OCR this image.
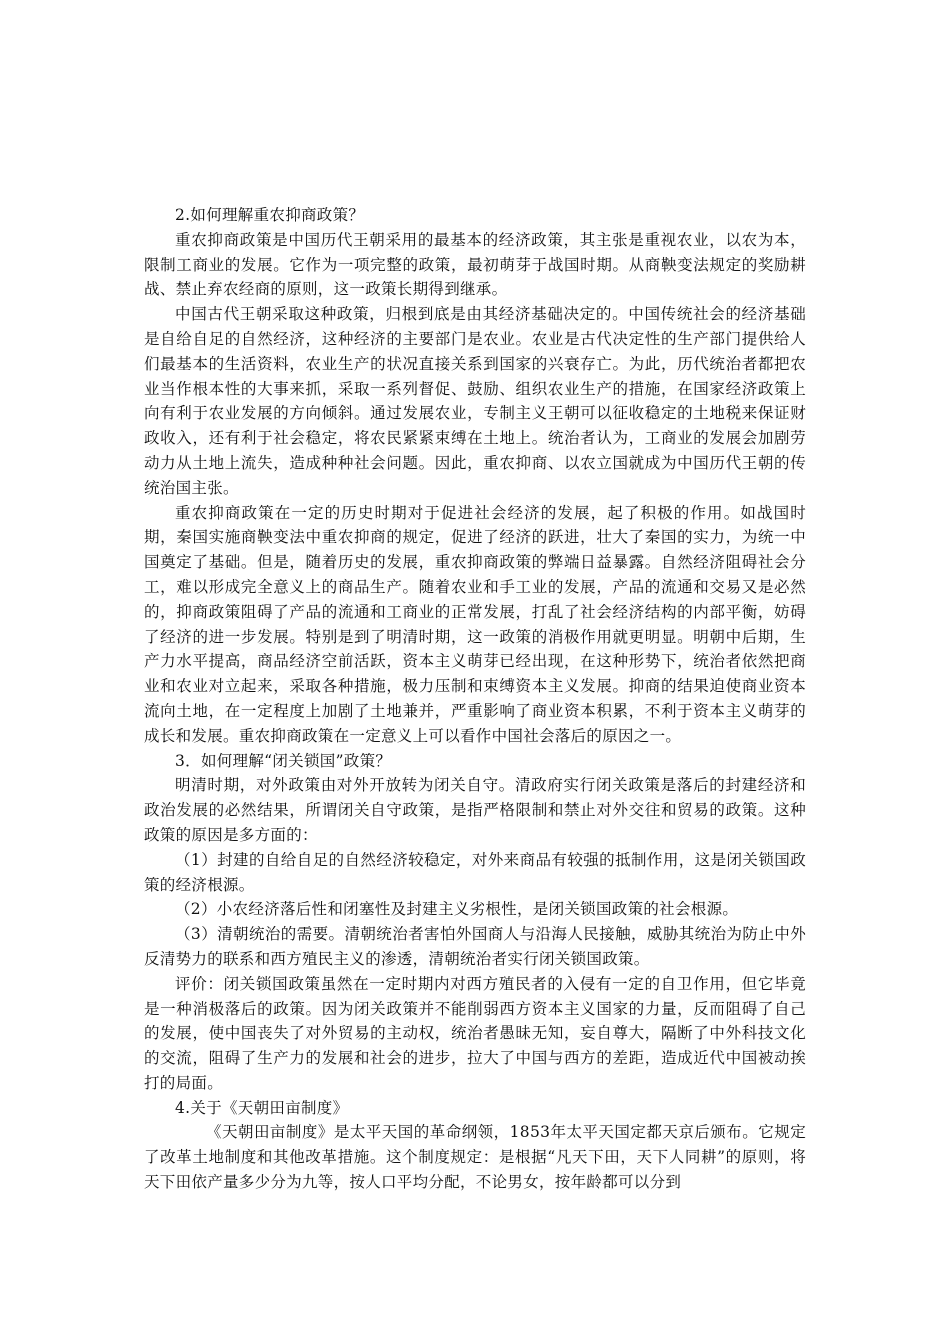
2.如何理解重农抑商政策？

重农抑商政策是中国历代王朝采用的最基本的经济政策，其主张是重视农业，以农为本，限制工商业的发展。它作为一项完整的政策，最初萌芽于战国时期。从商鞅变法规定的奖励耕战、禁止弃农经商的原则，这一政策长期得到继承。

中国古代王朝采取这种政策，归根到底是由其经济基础决定的。中国传统社会的经济基础是自给自足的自然经济，这种经济的主要部门是农业。农业是古代决定性的生产部门提供给人们最基本的生活资料，农业生产的状况直接关系到国家的兴衰存亡。为此，历代统治者都把农业当作根本性的大事来抓，采取一系列督促、鼓励、组织农业生产的措施，在国家经济政策上向有利于农业发展的方向倾斜。通过发展农业，专制主义王朝可以征收稳定的土地税来保证财政收入，还有利于社会稳定，将农民紧紧束缚在土地上。统治者认为，工商业的发展会加剧劳动力从土地上流失，造成种种社会问题。因此，重农抑商、以农立国就成为中国历代王朝的传统治国主张。

重农抑商政策在一定的历史时期对于促进社会经济的发展，起了积极的作用。如战国时期，秦国实施商鞅变法中重农抑商的规定，促进了经济的跃进，壮大了秦国的实力，为统一中国奠定了基础。但是，随着历史的发展，重农抑商政策的弊端日益暴露。自然经济阻碍社会分工，难以形成完全意义上的商品生产。随着农业和手工业的发展，产品的流通和交易又是必然的，抑商政策阻碍了产品的流通和工商业的正常发展，打乱了社会经济结构的内部平衡，妨碍了经济的进一步发展。特别是到了明清时期，这一政策的消极作用就更明显。明朝中后期，生产力水平提高，商品经济空前活跃，资本主义萌芽已经出现，在这种形势下，统治者依然把商业和农业对立起来，采取各种措施，极力压制和束缚资本主义发展。抑商的结果迫使商业资本流向土地，在一定程度上加剧了土地兼并，严重影响了商业资本积累，不利于资本主义萌芽的成长和发展。重农抑商政策在一定意义上可以看作中国社会落后的原因之一。

3．如何理解“闭关锁国”政策？

明清时期，对外政策由对外开放转为闭关自守。清政府实行闭关政策是落后的封建经济和政治发展的必然结果，所谓闭关自守政策，是指严格限制和禁止对外交往和贸易的政策。这种政策的原因是多方面的：

（1）封建的自给自足的自然经济较稳定，对外来商品有较强的抵制作用，这是闭关锁国政策的经济根源。

（2）小农经济落后性和闭塞性及封建主义劣根性，是闭关锁国政策的社会根源。

（3）清朝统治的需要。清朝统治者害怕外国商人与沿海人民接触，威胁其统治为防止中外反清势力的联系和西方殖民主义的渗透，清朝统治者实行闭关锁国政策。

评价：闭关锁国政策虽然在一定时期内对西方殖民者的入侵有一定的自卫作用，但它毕竟是一种消极落后的政策。因为闭关政策并不能削弱西方资本主义国家的力量，反而阻碍了自己的发展，使中国丧失了对外贸易的主动权，统治者愚昧无知，妄自尊大，隔断了中外科技文化的交流，阻碍了生产力的发展和社会的进步，拉大了中国与西方的差距，造成近代中国被动挨打的局面。

4.关于《天朝田亩制度》

《天朝田亩制度》是太平天国的革命纲领，1853年太平天国定都天京后颁布。它规定了改革土地制度和其他改革措施。这个制度规定：是根据“凡天下田，天下人同耕”的原则，将天下田依产量多少分为九等，按人口平均分配，不论男女，按年龄都可以分到
